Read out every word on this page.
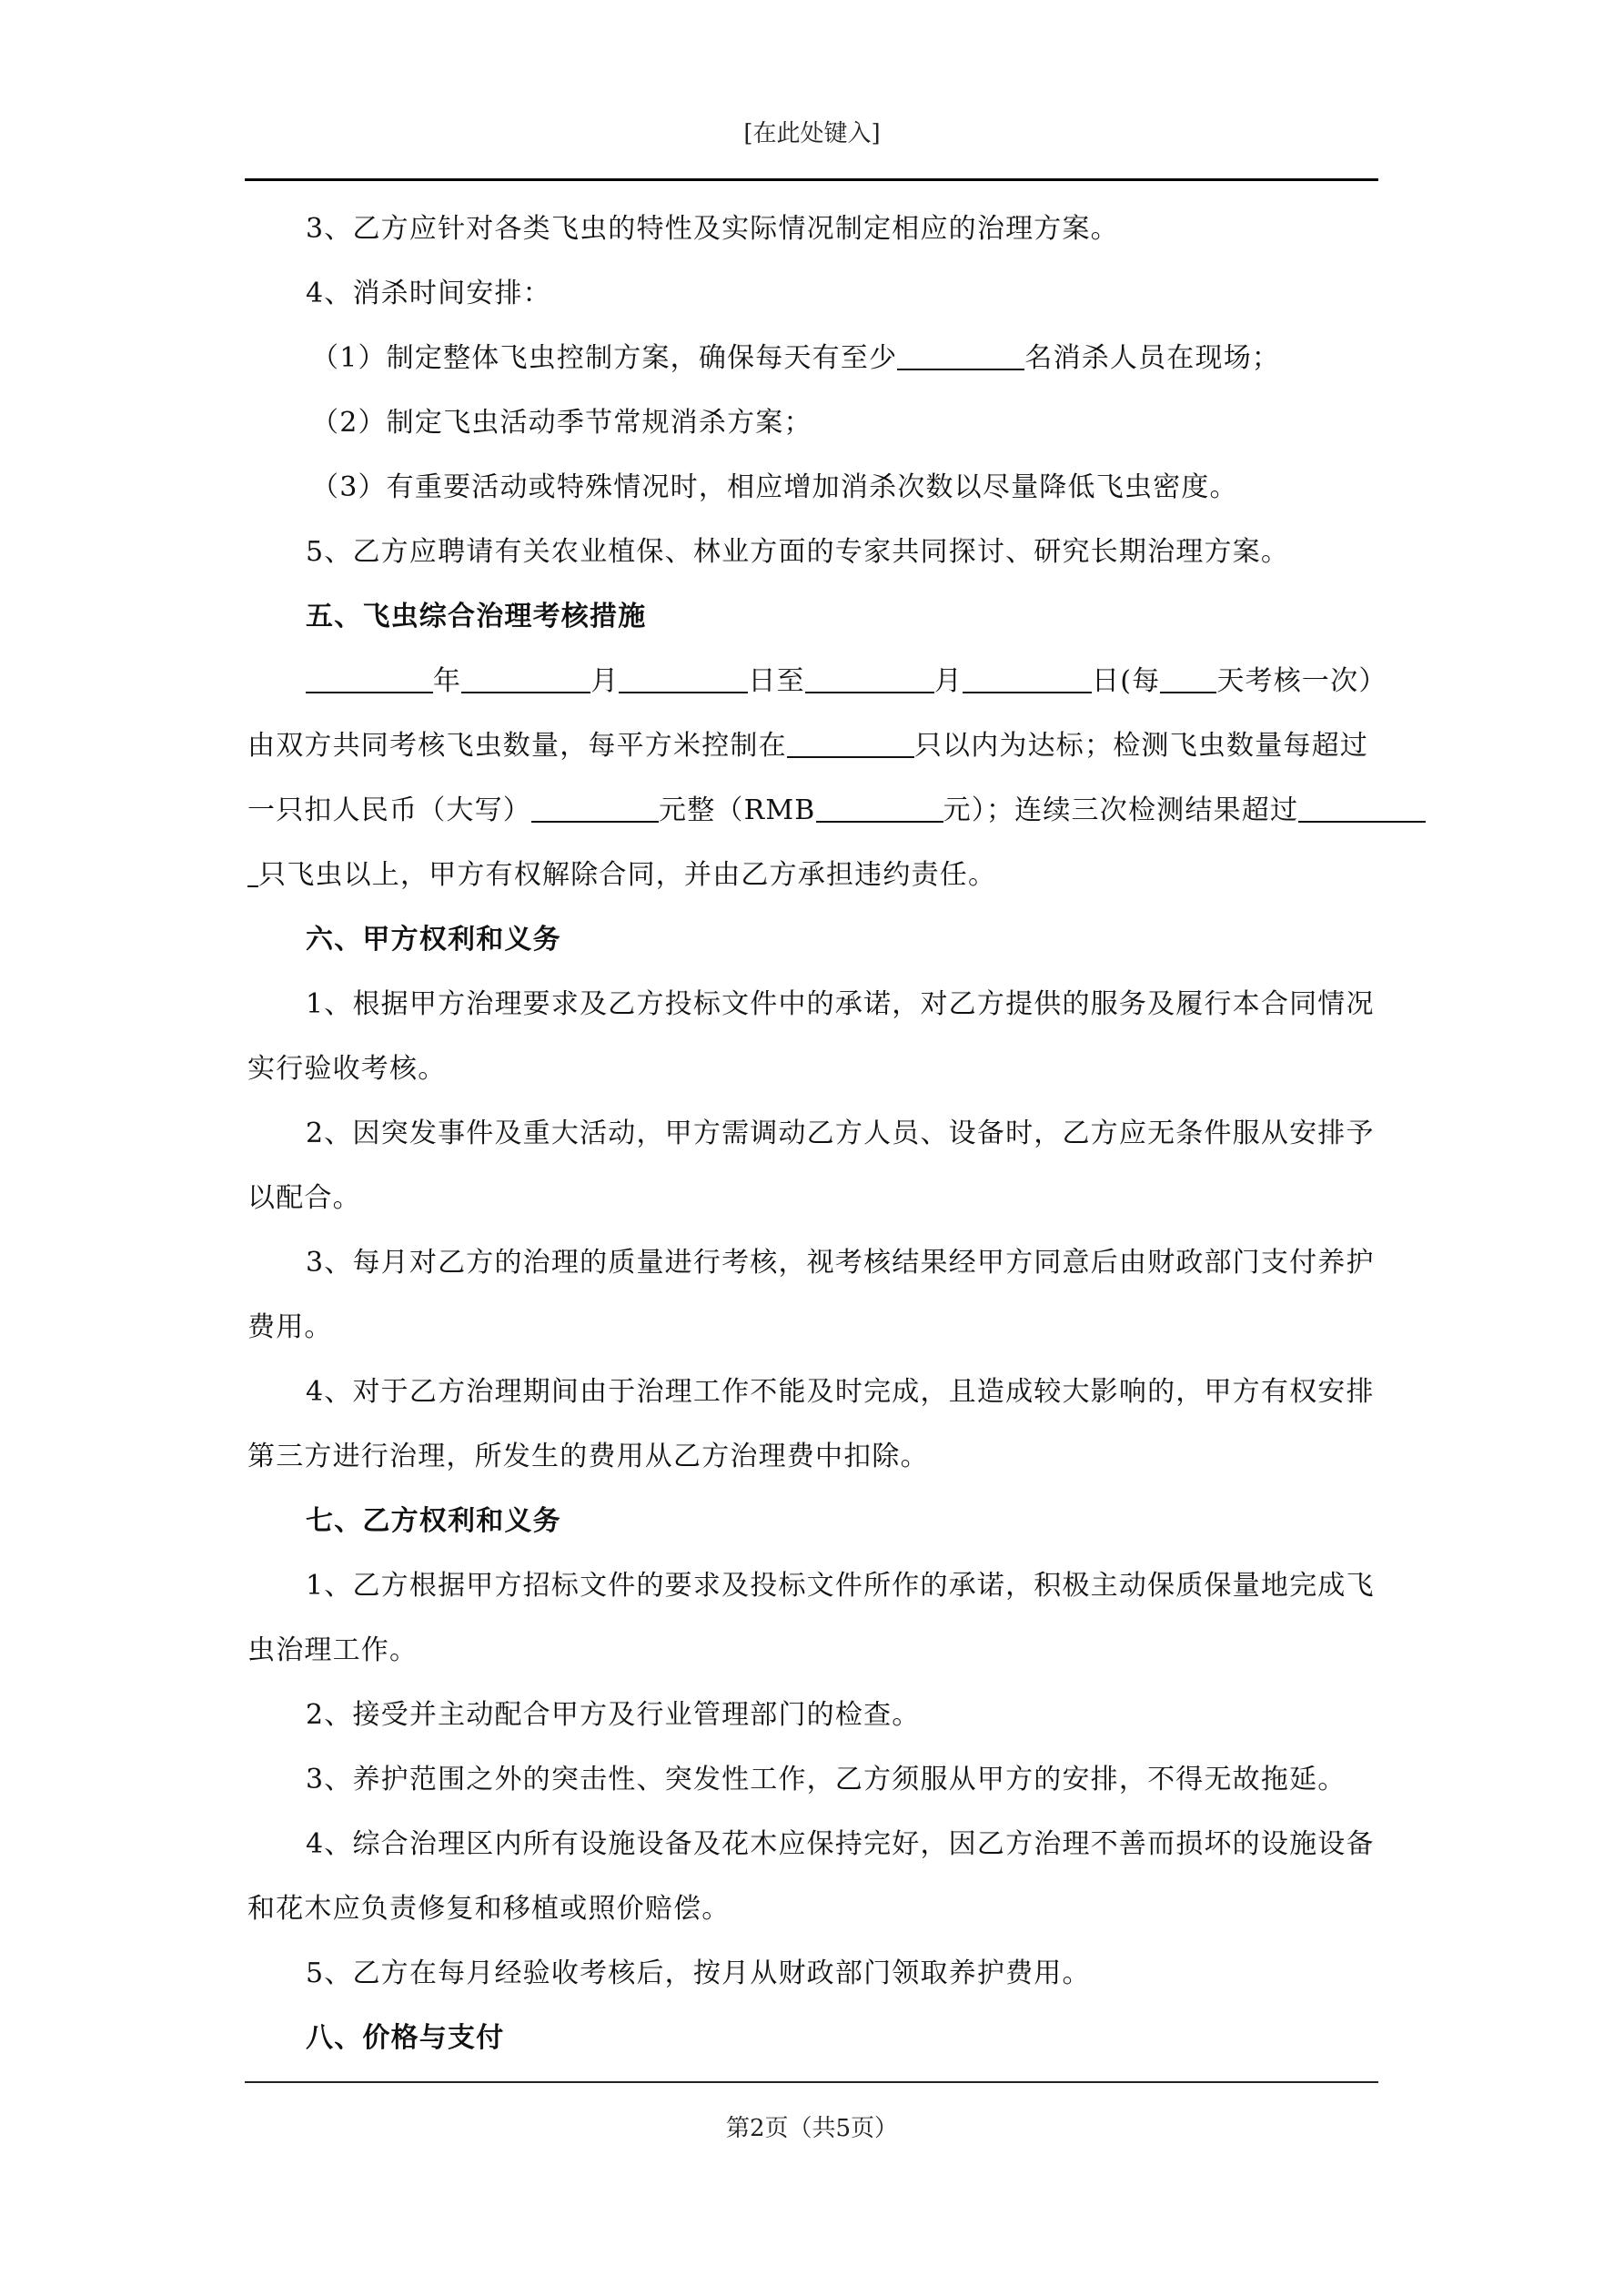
[在此处键入]
3、乙方应针对各类飞虫的特性及实际情况制定相应的治理方案。
4、消杀时间安排：
（1）制定整体飞虫控制方案，确保每天有至少	名消杀人员在现场；
（2）制定飞虫活动季节常规消杀方案；
（3）有重要活动或特殊情况时，相应增加消杀次数以尽量降低飞虫密度。
5、乙方应聘请有关农业植保、林业方面的专家共同探讨、研究长期治理方案。
五、飞虫综合治理考核措施
年	月	日至	月	日(每 天考核一次）
由双方共同考核飞虫数量，每平方米控制在	只以内为达标；检测飞虫数量每超过
一只扣人民币（大写）	元整（RMB	元）；连续三次检测结果超过
只飞虫以上，甲方有权解除合同，并由乙方承担违约责任。
六、甲方权利和义务
1、根据甲方治理要求及乙方投标文件中的承诺，对乙方提供的服务及履行本合同情况
实行验收考核。
2、因突发事件及重大活动，甲方需调动乙方人员、设备时，乙方应无条件服从安排予
以配合。
3、每月对乙方的治理的质量进行考核，视考核结果经甲方同意后由财政部门支付养护
费用。
4、对于乙方治理期间由于治理工作不能及时完成，且造成较大影响的，甲方有权安排
第三方进行治理，所发生的费用从乙方治理费中扣除。
七、乙方权利和义务
1、乙方根据甲方招标文件的要求及投标文件所作的承诺，积极主动保质保量地完成飞
虫治理工作。
2、接受并主动配合甲方及行业管理部门的检查。
3、养护范围之外的突击性、突发性工作，乙方须服从甲方的安排，不得无故拖延。
4、综合治理区内所有设施设备及花木应保持完好，因乙方治理不善而损坏的设施设备
和花木应负责修复和移植或照价赔偿。
5、乙方在每月经验收考核后，按月从财政部门领取养护费用。
八、价格与支付
第2页（共5页）
